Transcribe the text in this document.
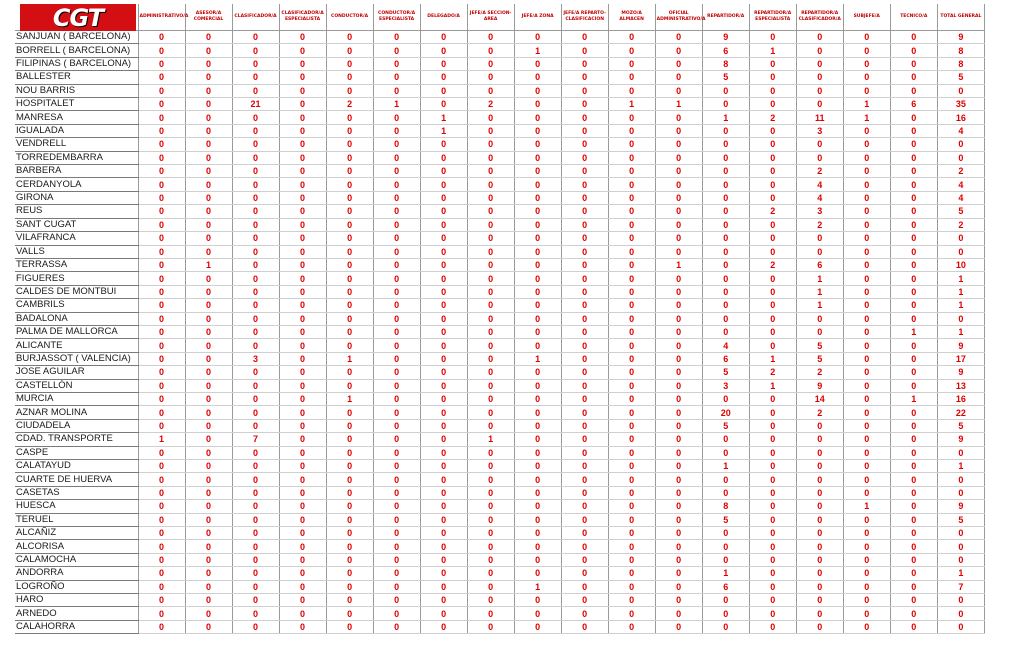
	ADMINISTRATIVO/A	ASESOR/A COMERCIAL	CLASIFICADOR/A	CLASIFICADOR/A ESPECIALISTA	CONDUCTOR/A	CONDUCTOR/A ESPECIALISTA	DELEGADO/A	JEFE/A SECCION-AREA	JEFE/A ZONA	JEFE/A REPARTO-CLASIFICACION	MOZO/A ALMACEN	OFICIAL ADMINISTRATIVO/A	REPARTIDOR/A	REPARTIDOR/A ESPECIALISTA	REPARTIDOR/A CLASIFICADOR/A	SUBJEFE/A	TECNICO/A	TOTAL GENERAL
SANJUAN ( BARCELONA)	0	0	0	0	0	0	0	0	0	0	0	0	9	0	0	0	0	9
BORRELL ( BARCELONA)	0	0	0	0	0	0	0	0	1	0	0	0	6	1	0	0	0	8
FILIPINAS ( BARCELONA)	0	0	0	0	0	0	0	0	0	0	0	0	8	0	0	0	0	8
BALLESTER	0	0	0	0	0	0	0	0	0	0	0	0	5	0	0	0	0	5
NOU BARRIS	0	0	0	0	0	0	0	0	0	0	0	0	0	0	0	0	0	0
HOSPITALET	0	0	21	0	2	1	0	2	0	0	1	1	0	0	0	1	6	35
MANRESA	0	0	0	0	0	0	1	0	0	0	0	0	1	2	11	1	0	16
IGUALADA	0	0	0	0	0	0	1	0	0	0	0	0	0	0	3	0	0	4
VENDRELL	0	0	0	0	0	0	0	0	0	0	0	0	0	0	0	0	0	0
TORREDEMBARRA	0	0	0	0	0	0	0	0	0	0	0	0	0	0	0	0	0	0
BARBERA	0	0	0	0	0	0	0	0	0	0	0	0	0	0	2	0	0	2
CERDANYOLA	0	0	0	0	0	0	0	0	0	0	0	0	0	0	4	0	0	4
GIRONA	0	0	0	0	0	0	0	0	0	0	0	0	0	0	4	0	0	4
REUS	0	0	0	0	0	0	0	0	0	0	0	0	0	2	3	0	0	5
SANT CUGAT	0	0	0	0	0	0	0	0	0	0	0	0	0	0	2	0	0	2
VILAFRANCA	0	0	0	0	0	0	0	0	0	0	0	0	0	0	0	0	0	0
VALLS	0	0	0	0	0	0	0	0	0	0	0	0	0	0	0	0	0	0
TERRASSA	0	1	0	0	0	0	0	0	0	0	0	1	0	2	6	0	0	10
FIGUERES	0	0	0	0	0	0	0	0	0	0	0	0	0	0	1	0	0	1
CALDES DE MONTBUI	0	0	0	0	0	0	0	0	0	0	0	0	0	0	1	0	0	1
CAMBRILS	0	0	0	0	0	0	0	0	0	0	0	0	0	0	1	0	0	1
BADALONA	0	0	0	0	0	0	0	0	0	0	0	0	0	0	0	0	0	0
PALMA DE MALLORCA	0	0	0	0	0	0	0	0	0	0	0	0	0	0	0	0	1	1
ALICANTE	0	0	0	0	0	0	0	0	0	0	0	0	4	0	5	0	0	9
BURJASSOT ( VALENCIA)	0	0	3	0	1	0	0	0	1	0	0	0	6	1	5	0	0	17
JOSE AGUILAR	0	0	0	0	0	0	0	0	0	0	0	0	5	2	2	0	0	9
CASTELLÓN	0	0	0	0	0	0	0	0	0	0	0	0	3	1	9	0	0	13
MURCIA	0	0	0	0	1	0	0	0	0	0	0	0	0	0	14	0	1	16
AZNAR MOLINA	0	0	0	0	0	0	0	0	0	0	0	0	20	0	2	0	0	22
CIUDADELA	0	0	0	0	0	0	0	0	0	0	0	0	5	0	0	0	0	5
CDAD. TRANSPORTE	1	0	7	0	0	0	0	1	0	0	0	0	0	0	0	0	0	9
CASPE	0	0	0	0	0	0	0	0	0	0	0	0	0	0	0	0	0	0
CALATAYUD	0	0	0	0	0	0	0	0	0	0	0	0	1	0	0	0	0	1
CUARTE DE HUERVA	0	0	0	0	0	0	0	0	0	0	0	0	0	0	0	0	0	0
CASETAS	0	0	0	0	0	0	0	0	0	0	0	0	0	0	0	0	0	0
HUESCA	0	0	0	0	0	0	0	0	0	0	0	0	8	0	0	1	0	9
TERUEL	0	0	0	0	0	0	0	0	0	0	0	0	5	0	0	0	0	5
ALCAÑIZ	0	0	0	0	0	0	0	0	0	0	0	0	0	0	0	0	0	0
ALCORISA	0	0	0	0	0	0	0	0	0	0	0	0	0	0	0	0	0	0
CALAMOCHA	0	0	0	0	0	0	0	0	0	0	0	0	0	0	0	0	0	0
ANDORRA	0	0	0	0	0	0	0	0	0	0	0	0	1	0	0	0	0	1
LOGROÑO	0	0	0	0	0	0	0	0	1	0	0	0	6	0	0	0	0	7
HARO	0	0	0	0	0	0	0	0	0	0	0	0	0	0	0	0	0	0
ARNEDO	0	0	0	0	0	0	0	0	0	0	0	0	0	0	0	0	0	0
CALAHORRA	0	0	0	0	0	0	0	0	0	0	0	0	0	0	0	0	0	0
CGT
